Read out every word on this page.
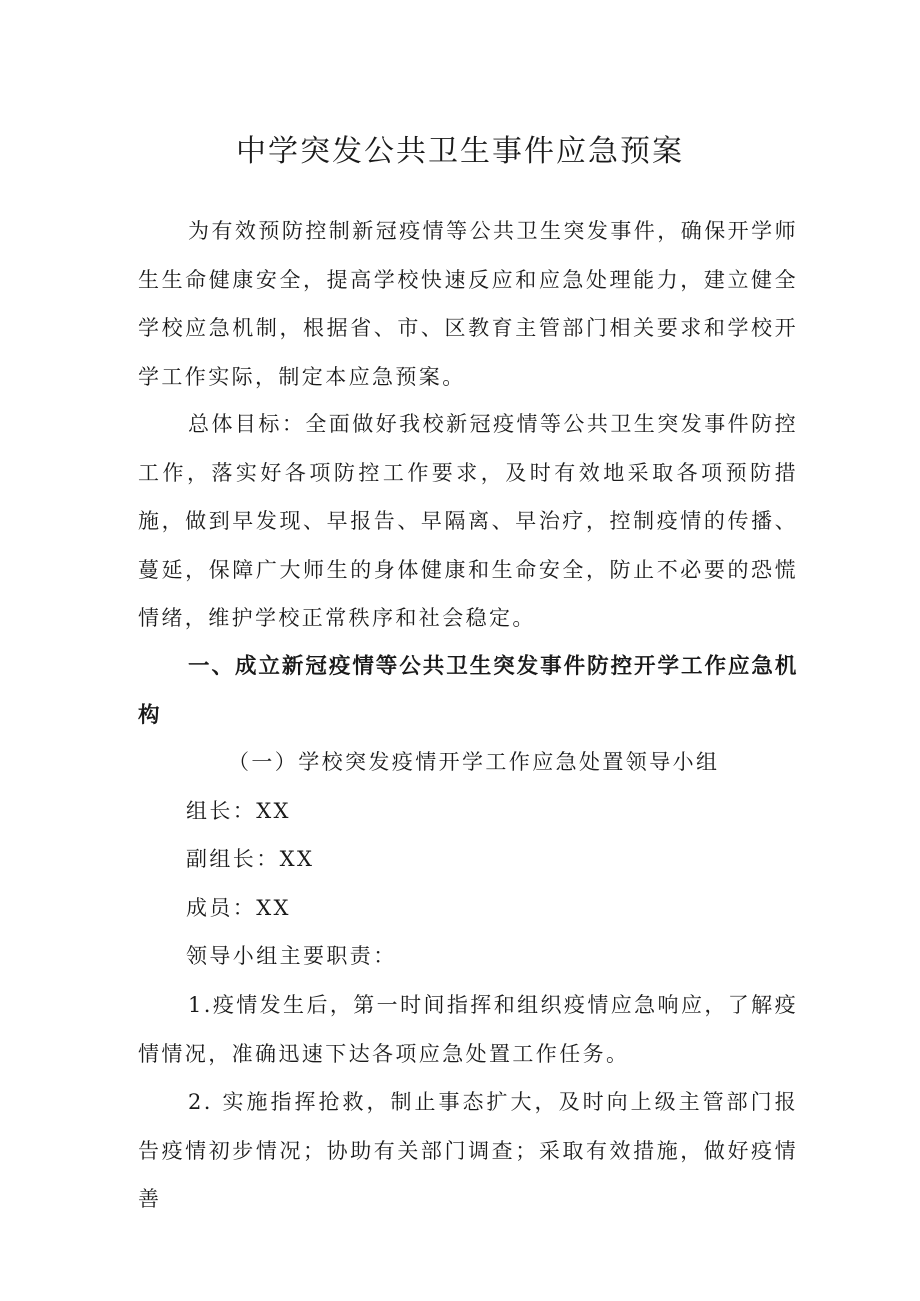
中学突发公共卫生事件应急预案

为有效预防控制新冠疫情等公共卫生突发事件，确保开学师生生命健康安全，提高学校快速反应和应急处理能力，建立健全学校应急机制，根据省、市、区教育主管部门相关要求和学校开学工作实际，制定本应急预案。

总体目标：全面做好我校新冠疫情等公共卫生突发事件防控工作，落实好各项防控工作要求，及时有效地采取各项预防措施，做到早发现、早报告、早隔离、早治疗，控制疫情的传播、蔓延，保障广大师生的身体健康和生命安全，防止不必要的恐慌情绪，维护学校正常秩序和社会稳定。

一、成立新冠疫情等公共卫生突发事件防控开学工作应急机构

（一）学校突发疫情开学工作应急处置领导小组

组长：XX

副组长：XX

成员：XX

领导小组主要职责：

1.疫情发生后，第一时间指挥和组织疫情应急响应，了解疫情情况，准确迅速下达各项应急处置工作任务。

2. 实施指挥抢救，制止事态扩大，及时向上级主管部门报告疫情初步情况；协助有关部门调查；采取有效措施，做好疫情善
